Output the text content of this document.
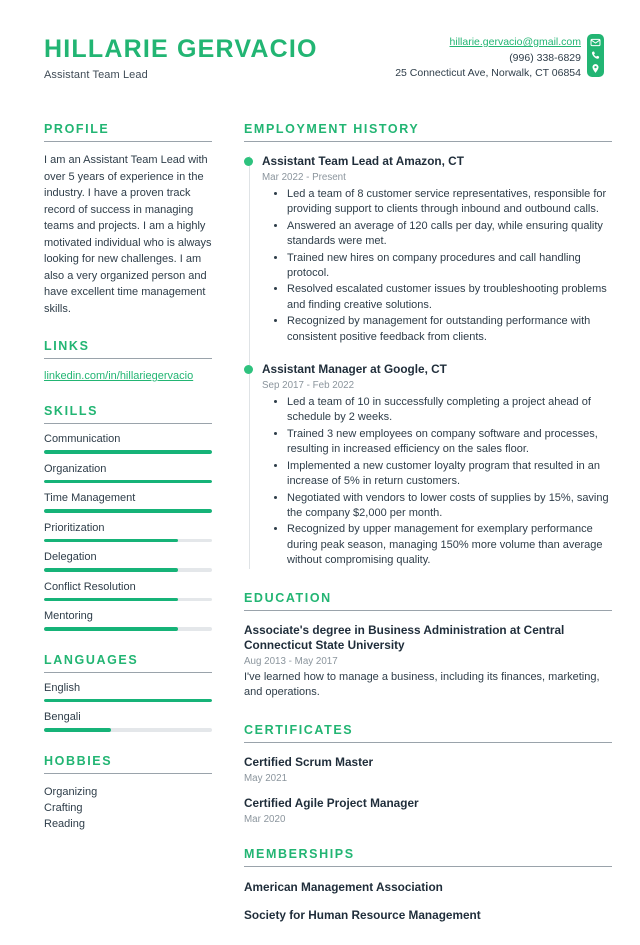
HILLARIE GERVACIO
Assistant Team Lead
hillarie.gervacio@gmail.com
(996) 338-6829
25 Connecticut Ave, Norwalk, CT 06854
PROFILE
I am an Assistant Team Lead with over 5 years of experience in the industry. I have a proven track record of success in managing teams and projects. I am a highly motivated individual who is always looking for new challenges. I am also a very organized person and have excellent time management skills.
LINKS
linkedin.com/in/hillariegervacio
SKILLS
Communication
Organization
Time Management
Prioritization
Delegation
Conflict Resolution
Mentoring
LANGUAGES
English
Bengali
HOBBIES
Organizing
Crafting
Reading
EMPLOYMENT HISTORY
Assistant Team Lead at Amazon, CT
Mar 2022 - Present
• Led a team of 8 customer service representatives, responsible for providing support to clients through inbound and outbound calls.
• Answered an average of 120 calls per day, while ensuring quality standards were met.
• Trained new hires on company procedures and call handling protocol.
• Resolved escalated customer issues by troubleshooting problems and finding creative solutions.
• Recognized by management for outstanding performance with consistent positive feedback from clients.
Assistant Manager at Google, CT
Sep 2017 - Feb 2022
• Led a team of 10 in successfully completing a project ahead of schedule by 2 weeks.
• Trained 3 new employees on company software and processes, resulting in increased efficiency on the sales floor.
• Implemented a new customer loyalty program that resulted in an increase of 5% in return customers.
• Negotiated with vendors to lower costs of supplies by 15%, saving the company $2,000 per month.
• Recognized by upper management for exemplary performance during peak season, managing 150% more volume than average without compromising quality.
EDUCATION
Associate's degree in Business Administration at Central Connecticut State University
Aug 2013 - May 2017
I've learned how to manage a business, including its finances, marketing, and operations.
CERTIFICATES
Certified Scrum Master
May 2021
Certified Agile Project Manager
Mar 2020
MEMBERSHIPS
American Management Association
Society for Human Resource Management
